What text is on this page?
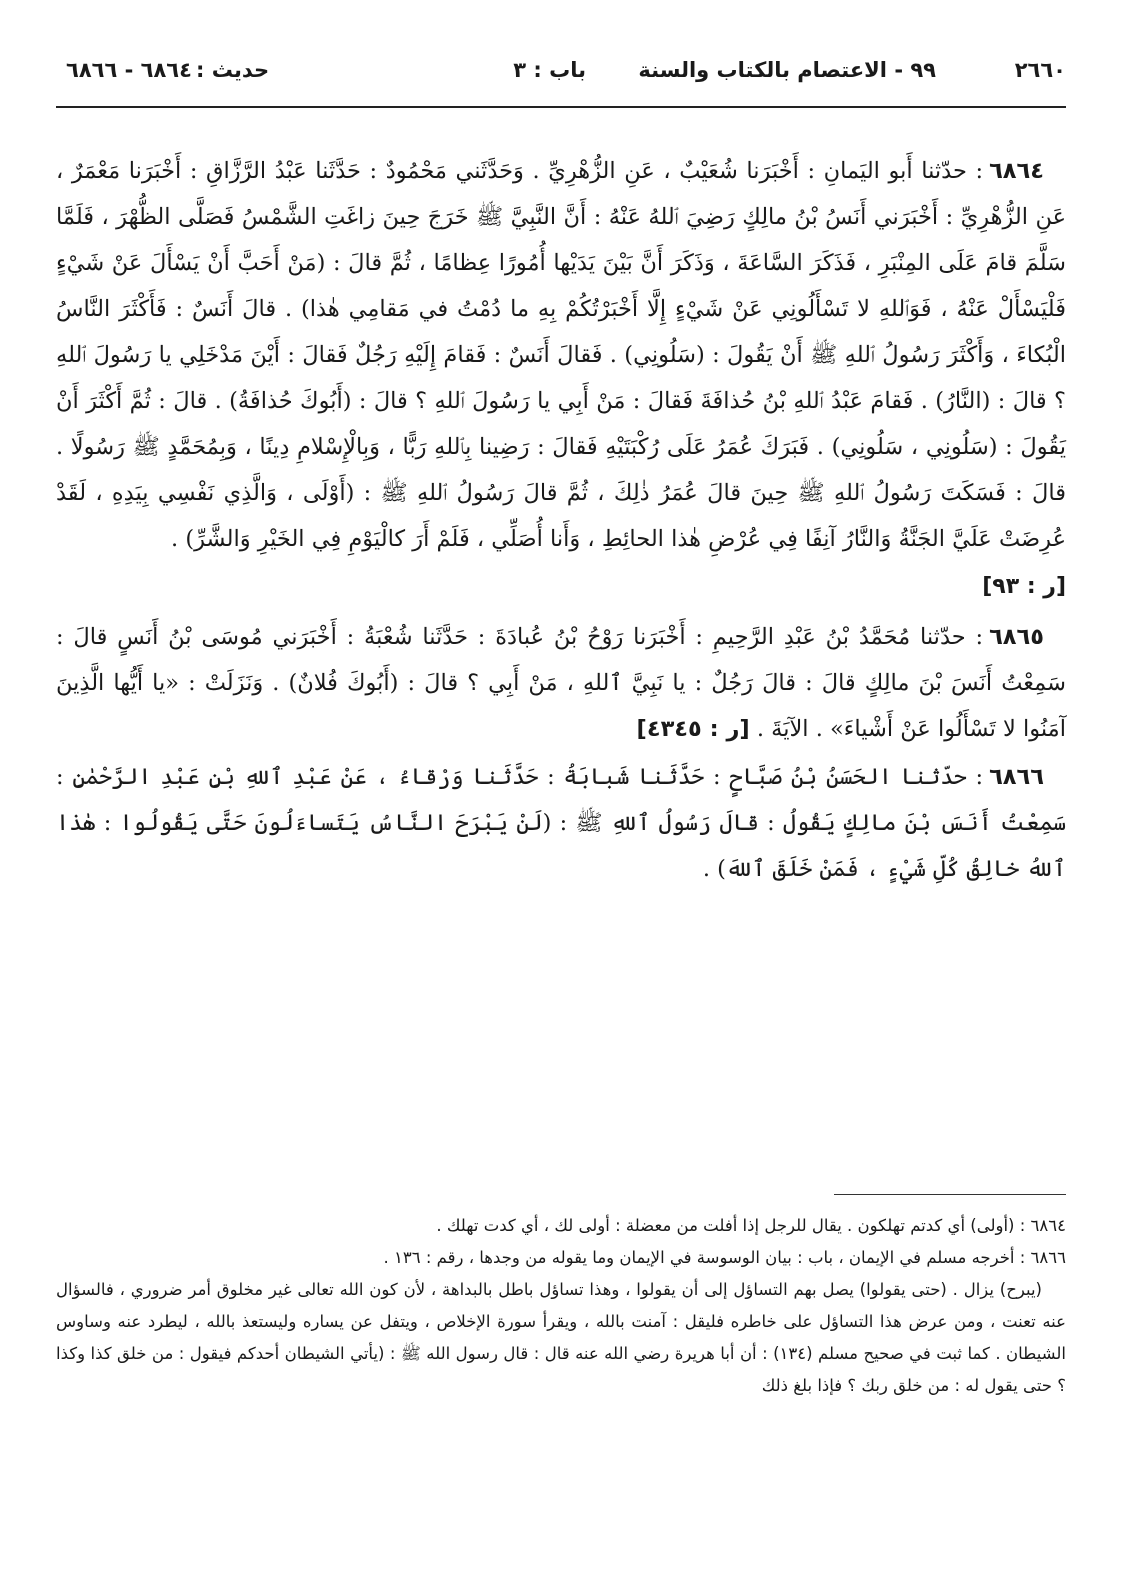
٢٦٦٠
٩٩ - الاعتصام بالكتاب والسنة
باب : ٣
حديث :
٦٨٦٤ - ٦٨٦٦

٦٨٦٤: حدّثنا أَبو اليَمانِ : أَخْبَرَنا شُعَيْبٌ ، عَنِ الزُّهْرِيِّ . وَحَدَّثَني مَحْمُودٌ : حَدَّثَنا عَبْدُ الرَّزَّاقِ : أَخْبَرَنا مَعْمَرٌ ، عَنِ الزُّهْرِيِّ : أَخْبَرَني أَنَسُ بْنُ مالِكٍ رَضِيَ ٱللهُ عَنْهُ : أَنَّ النَّبِيَّ ﷺ خَرَجَ حِينَ زاغَتِ الشَّمْسُ فَصَلَّى الظُّهْرَ ، فَلَمَّا سَلَّمَ قامَ عَلَى المِنْبَرِ ، فَذَكَرَ السَّاعَةَ ، وَذَكَرَ أَنَّ بَيْنَ يَدَيْها أُمُورًا عِظامًا ، ثُمَّ قالَ : (مَنْ أَحَبَّ أَنْ يَسْأَلَ عَنْ شَيْءٍ فَلْيَسْأَلْ عَنْهُ ، فَوَٱللهِ لا تَسْأَلُونِي عَنْ شَيْءٍ إِلَّا أَخْبَرْتُكُمْ بِهِ ما دُمْتُ في مَقامِي هٰذا) . قالَ أَنَسٌ : فَأَكْثَرَ النَّاسُ الْبُكاءَ ، وَأَكْثَرَ رَسُولُ ٱللهِ ﷺ أَنْ يَقُولَ : (سَلُونِي) . فَقالَ أَنَسٌ : فَقامَ إِلَيْهِ رَجُلٌ فَقالَ : أَيْنَ مَدْخَلِي يا رَسُولَ ٱللهِ ؟ قالَ : (النَّارُ) . فَقامَ عَبْدُ ٱللهِ بْنُ حُذافَةَ فَقالَ : مَنْ أَبِي يا رَسُولَ ٱللهِ ؟ قالَ : (أَبُوكَ حُذافَةُ) . قالَ : ثُمَّ أَكْثَرَ أَنْ يَقُولَ : (سَلُونِي ، سَلُونِي) . فَبَرَكَ عُمَرُ عَلَى رُكْبَتَيْهِ فَقالَ : رَضِينا بِٱللهِ رَبًّا ، وَبِالْإِسْلامِ دِينًا ، وَبِمُحَمَّدٍ ﷺ رَسُولًا . قالَ : فَسَكَتَ رَسُولُ ٱللهِ ﷺ حِينَ قالَ عُمَرُ ذٰلِكَ ، ثُمَّ قالَ رَسُولُ ٱللهِ ﷺ : (أَوْلَى ، وَالَّذِي نَفْسِي بِيَدِهِ ، لَقَدْ عُرِضَتْ عَلَيَّ الجَنَّةُ وَالنَّارُ آنِفًا فِي عُرْضِ هٰذا الحائِطِ ، وَأَنا أُصَلِّي ، فَلَمْ أَرَ كالْيَوْمِ فِي الخَيْرِ وَالشَّرِّ) .

[ر : ٩٣]

٦٨٦٥: حدّثنا مُحَمَّدُ بْنُ عَبْدِ الرَّحِيمِ : أَخْبَرَنا رَوْحُ بْنُ عُبادَةَ : حَدَّثَنا شُعْبَةُ : أَخْبَرَني مُوسَى بْنُ أَنَسٍ قالَ : سَمِعْتُ أَنَسَ بْنَ مالِكٍ قالَ : قالَ رَجُلٌ : يا نَبِيَّ ٱللهِ ، مَنْ أَبِي ؟ قالَ : (أَبُوكَ فُلانٌ) . وَنَزَلَتْ : «يا أَيُّها الَّذِينَ آمَنُوا لا تَسْأَلُوا عَنْ أَشْياءَ» . الآيَةَ . [ر : ٤٣٤٥]

٦٨٦٦: حدّثنا الحَسَنُ بْنُ صَبَّاحٍ : حَدَّثَنا شَبابَةُ : حَدَّثَنا وَرْقاءُ ، عَنْ عَبْدِ ٱللهِ بْنِ عَبْدِ الرَّحْمٰنِ : سَمِعْتُ أَنَسَ بْنَ مالِكٍ يَقُولُ : قالَ رَسُولُ ٱللهِ ﷺ : (لَنْ يَبْرَحَ النَّاسُ يَتَساءَلُونَ حَتَّى يَقُولُوا : هٰذا ٱللهُ خالِقُ كُلِّ شَيْءٍ ، فَمَنْ خَلَقَ ٱللهَ) .

٦٨٦٤ : (أولى) أي كدتم تهلكون . يقال للرجل إذا أفلت من معضلة : أولى لك ، أي كدت تهلك .

٦٨٦٦ : أخرجه مسلم في الإيمان ، باب : بيان الوسوسة في الإيمان وما يقوله من وجدها ، رقم : ١٣٦ .

(يبرح) يزال . (حتى يقولوا) يصل بهم التساؤل إلى أن يقولوا ، وهذا تساؤل باطل بالبداهة ، لأن كون الله تعالى غير مخلوق أمر ضروري ، فالسؤال عنه تعنت ، ومن عرض هذا التساؤل على خاطره فليقل : آمنت بالله ، ويقرأ سورة الإخلاص ، ويتفل عن يساره وليستعذ بالله ، ليطرد عنه وساوس الشيطان . كما ثبت في صحيح مسلم (١٣٤) : أن أبا هريرة رضي الله عنه قال : قال رسول الله ﷺ : (يأتي الشيطان أحدكم فيقول : من خلق كذا وكذا ؟ حتى يقول له : من خلق ربك ؟ فإذا بلغ ذلك
